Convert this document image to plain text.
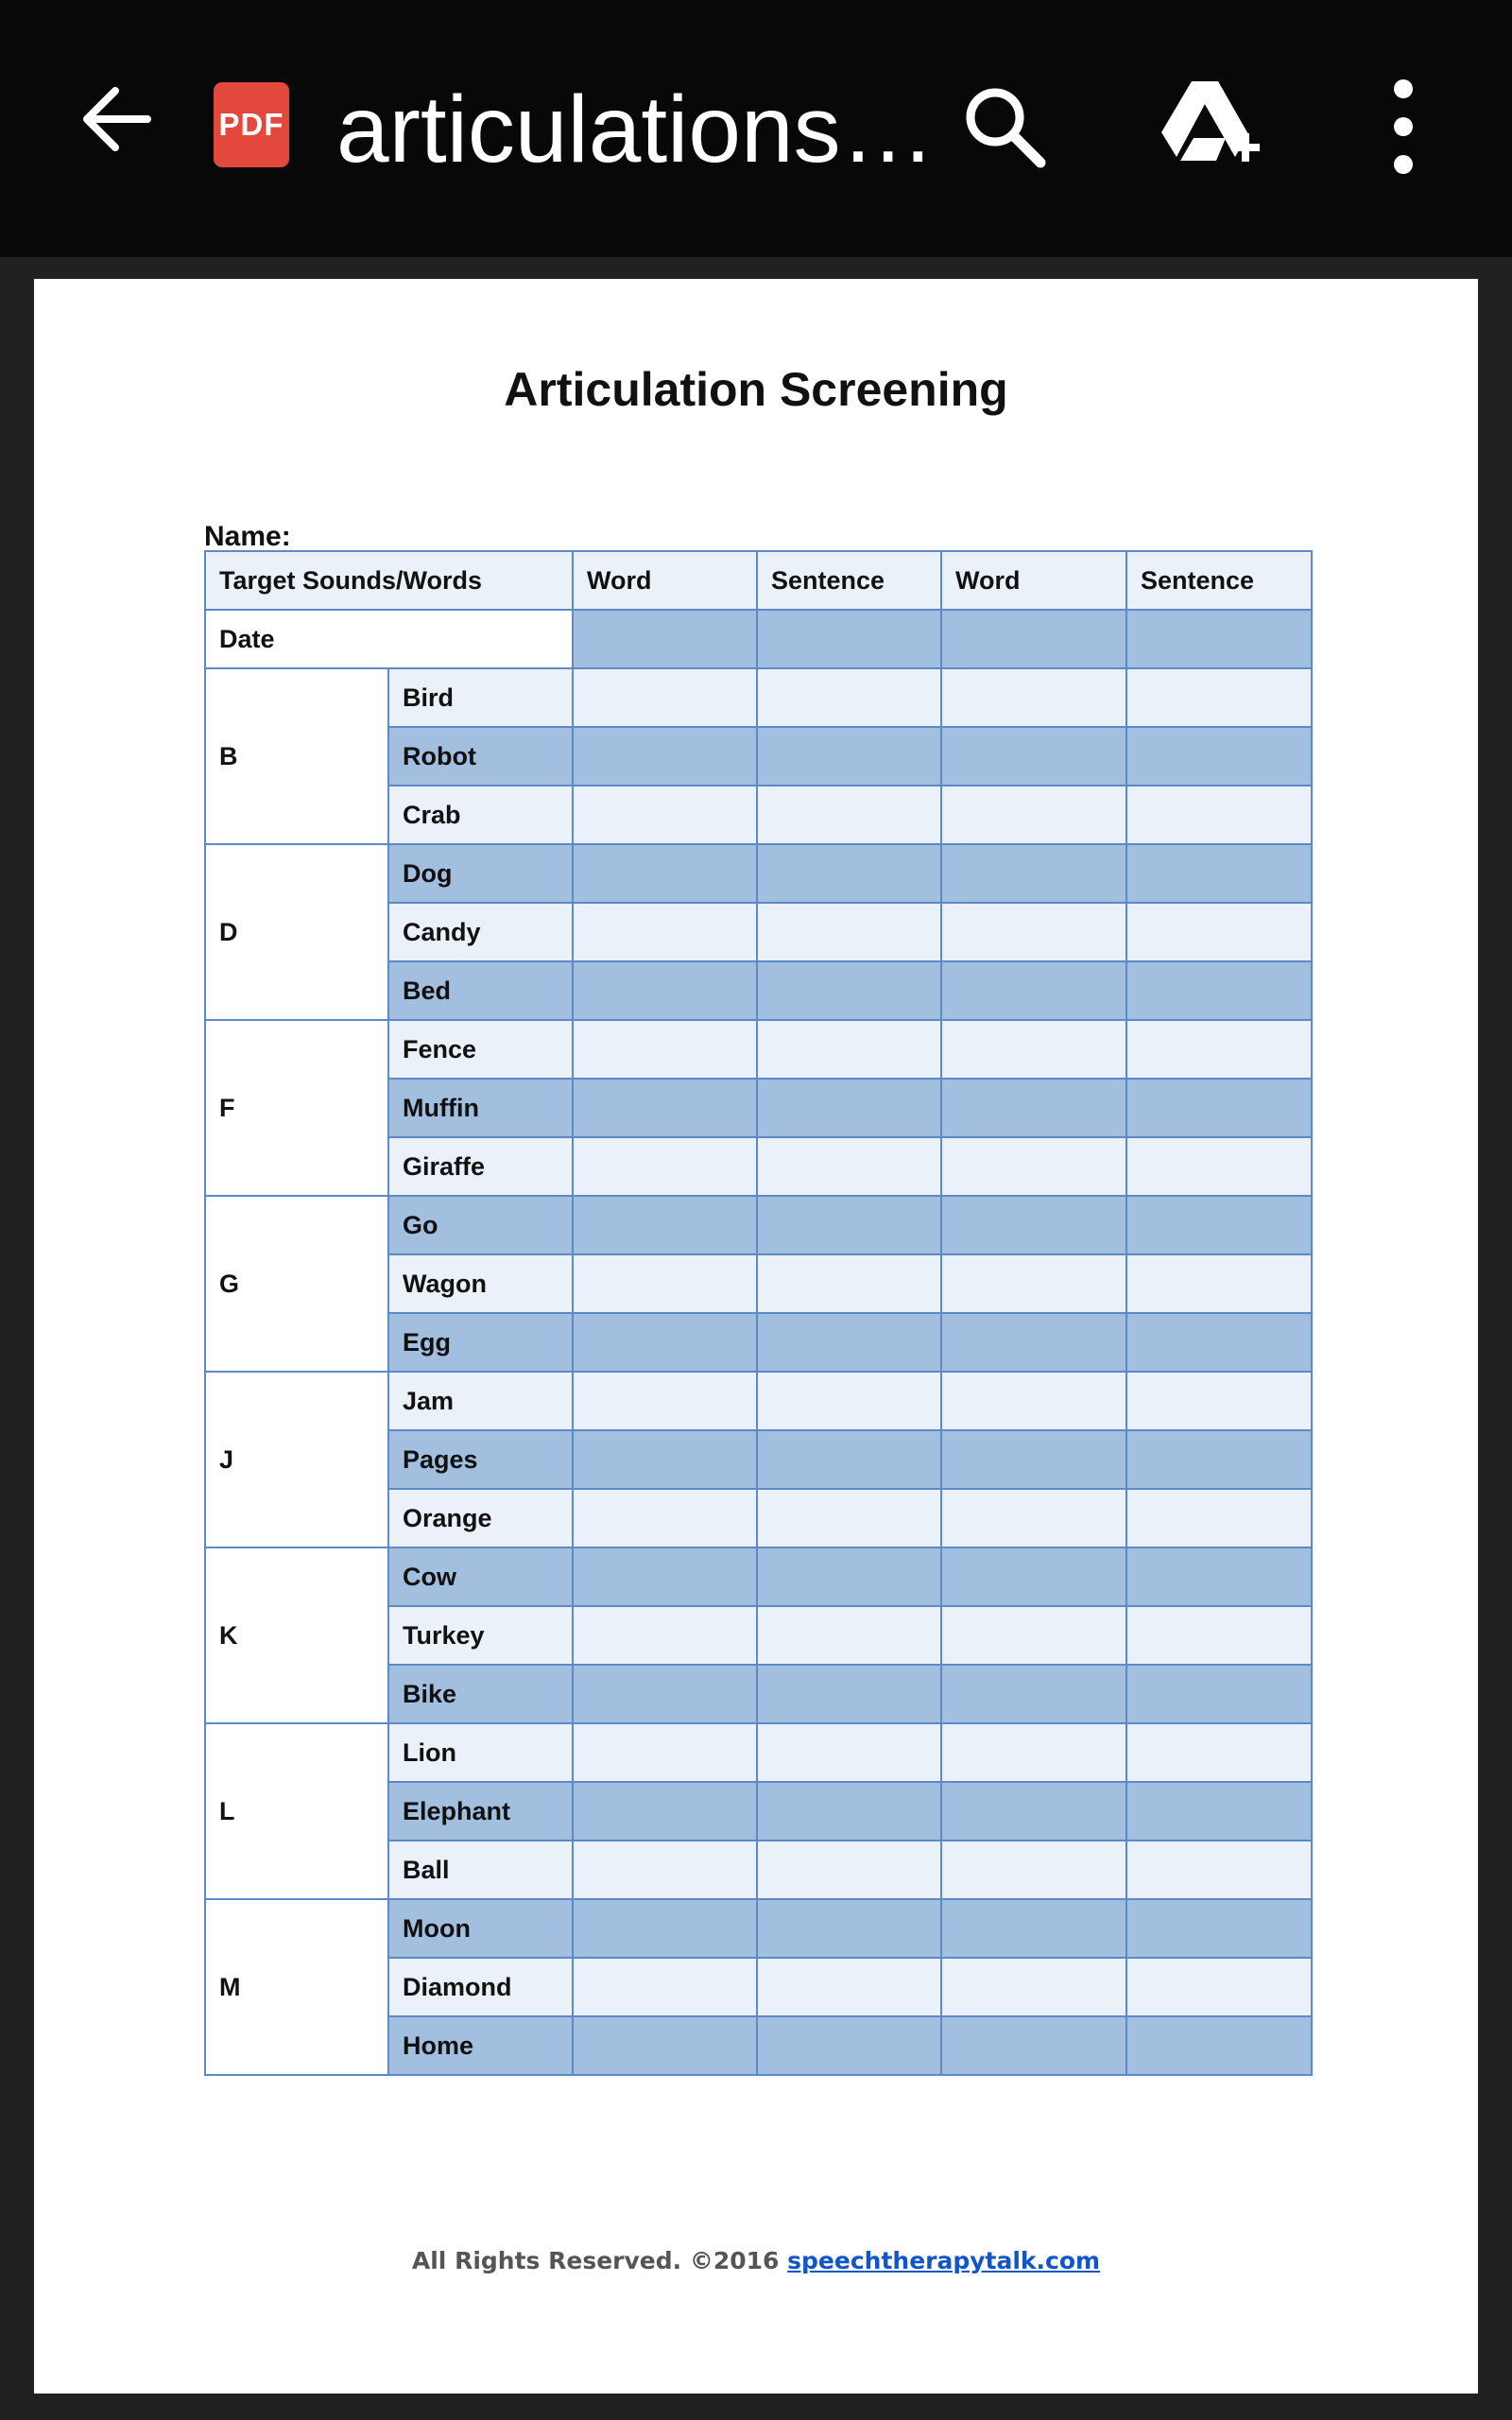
PDF articulations…
Articulation Screening
Name:
Target Sounds/Words		Word	Sentence	Word	Sentence
Date					
B	Bird				
	Robot				
	Crab				
D	Dog				
	Candy				
	Bed				
F	Fence				
	Muffin				
	Giraffe				
G	Go				
	Wagon				
	Egg				
J	Jam				
	Pages				
	Orange				
K	Cow				
	Turkey				
	Bike				
L	Lion				
	Elephant				
	Ball				
M	Moon				
	Diamond				
	Home				
All Rights Reserved. ©2016 speechtherapytalk.com
